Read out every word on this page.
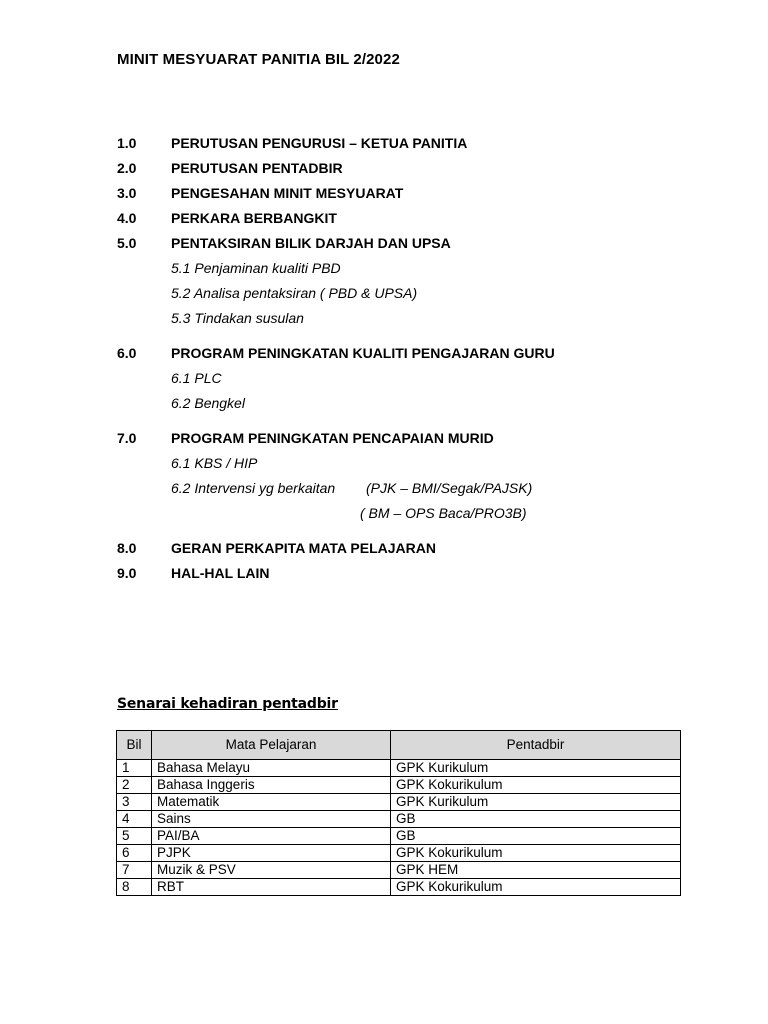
MINIT MESYUARAT PANITIA BIL 2/2022
1.0 PERUTUSAN PENGURUSI – KETUA PANITIA
2.0 PERUTUSAN PENTADBIR
3.0 PENGESAHAN MINIT MESYUARAT
4.0 PERKARA BERBANGKIT
5.0 PENTAKSIRAN BILIK DARJAH DAN UPSA
5.1 Penjaminan kualiti PBD
5.2 Analisa pentaksiran ( PBD & UPSA)
5.3 Tindakan susulan
6.0 PROGRAM PENINGKATAN KUALITI PENGAJARAN GURU
6.1 PLC
6.2 Bengkel
7.0 PROGRAM PENINGKATAN PENCAPAIAN MURID
6.1 KBS / HIP
6.2 Intervensi yg berkaitan (PJK – BMI/Segak/PAJSK)
( BM – OPS Baca/PRO3B)
8.0 GERAN PERKAPITA MATA PELAJARAN
9.0 HAL-HAL LAIN
Senarai kehadiran pentadbir
Bil	Mata Pelajaran	Pentadbir
1	Bahasa Melayu	GPK Kurikulum
2	Bahasa Inggeris	GPK Kokurikulum
3	Matematik	GPK Kurikulum
4	Sains	GB
5	PAI/BA	GB
6	PJPK	GPK Kokurikulum
7	Muzik & PSV	GPK HEM
8	RBT	GPK Kokurikulum
